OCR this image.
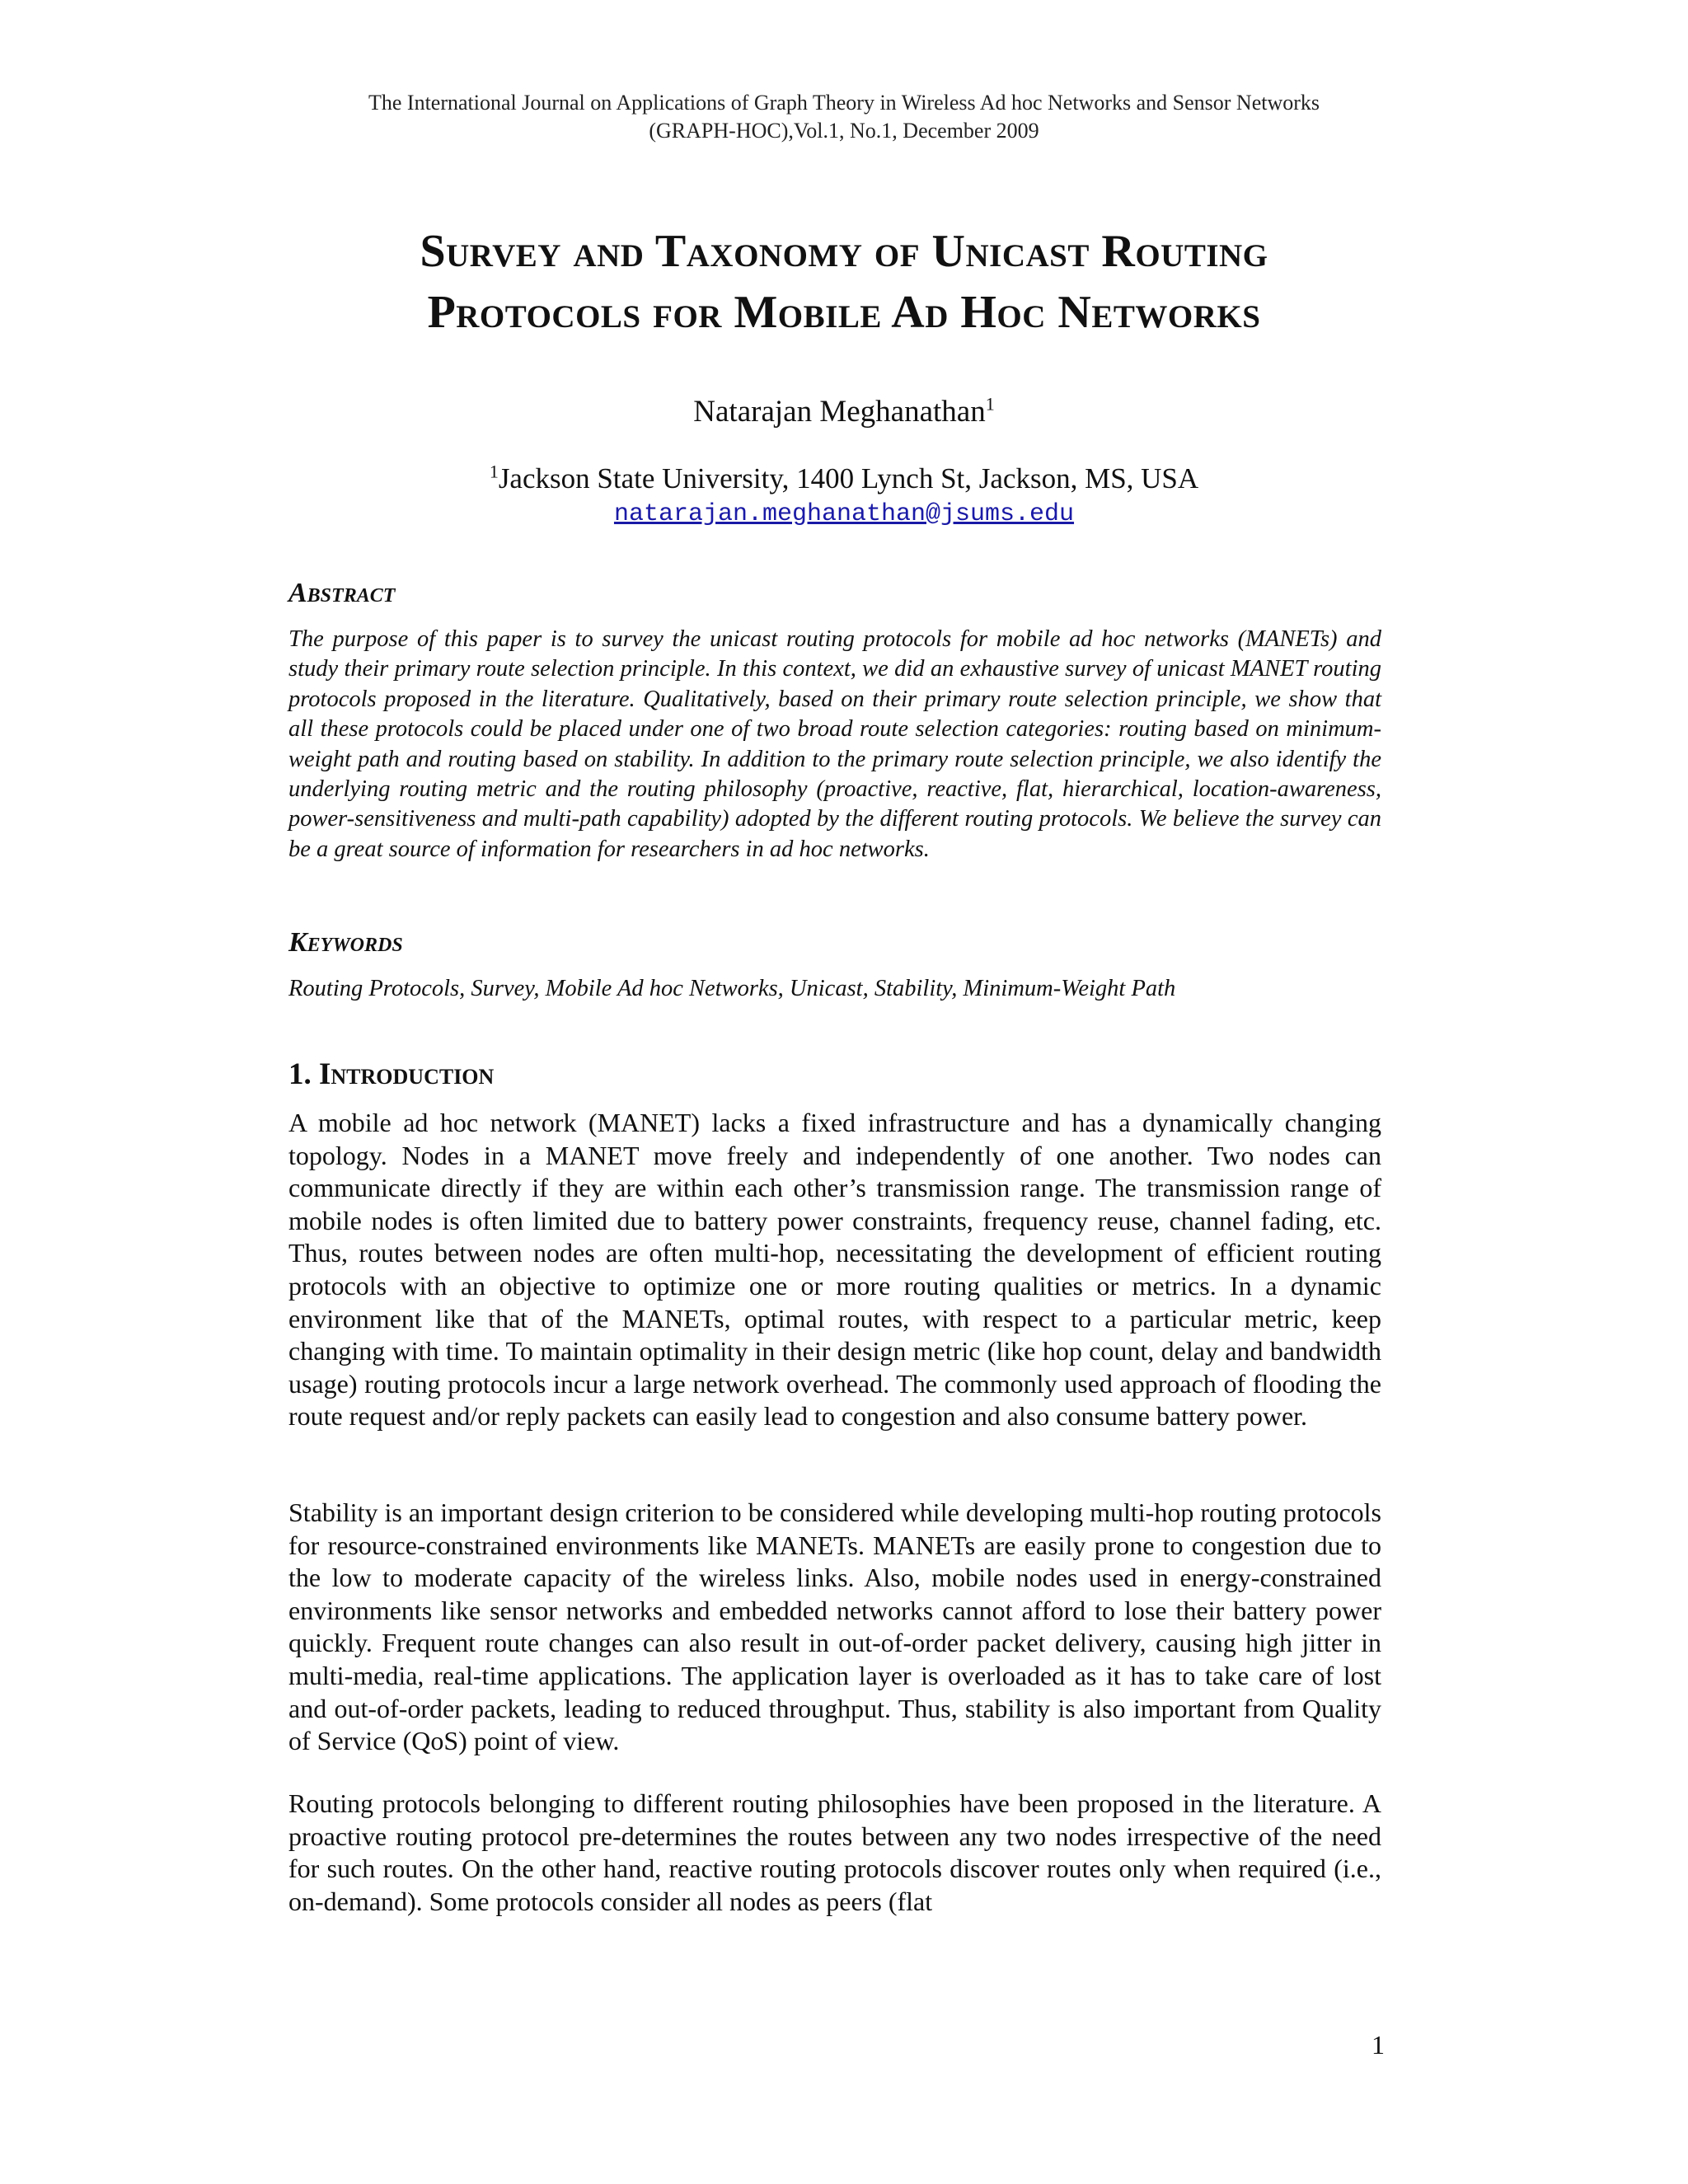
The International Journal on Applications of Graph Theory in Wireless Ad hoc Networks and Sensor Networks
(GRAPH-HOC),Vol.1, No.1, December 2009
Survey and Taxonomy of Unicast Routing
Protocols for Mobile Ad Hoc Networks
Natarajan Meghanathan$^1$
$^1$Jackson State University, 1400 Lynch St, Jackson, MS, USA
natarajan.meghanathan@jsums.edu
Abstract
The purpose of this paper is to survey the unicast routing protocols for mobile ad hoc networks (MANETs) and study their primary route selection principle. In this context, we did an exhaustive survey of unicast MANET routing protocols proposed in the literature. Qualitatively, based on their primary route selection principle, we show that all these protocols could be placed under one of two broad route selection categories: routing based on minimum-weight path and routing based on stability. In addition to the primary route selection principle, we also identify the underlying routing metric and the routing philosophy (proactive, reactive, flat, hierarchical, location-awareness, power-sensitiveness and multi-path capability) adopted by the different routing protocols. We believe the survey can be a great source of information for researchers in ad hoc networks.
Keywords
Routing Protocols, Survey, Mobile Ad hoc Networks, Unicast, Stability, Minimum-Weight Path
1. Introduction
A mobile ad hoc network (MANET) lacks a fixed infrastructure and has a dynamically changing topology. Nodes in a MANET move freely and independently of one another. Two nodes can communicate directly if they are within each other’s transmission range. The transmission range of mobile nodes is often limited due to battery power constraints, frequency reuse, channel fading, etc. Thus, routes between nodes are often multi-hop, necessitating the development of efficient routing protocols with an objective to optimize one or more routing qualities or metrics. In a dynamic environment like that of the MANETs, optimal routes, with respect to a particular metric, keep changing with time. To maintain optimality in their design metric (like hop count, delay and bandwidth usage) routing protocols incur a large network overhead. The commonly used approach of flooding the route request and/or reply packets can easily lead to congestion and also consume battery power.
Stability is an important design criterion to be considered while developing multi-hop routing protocols for resource-constrained environments like MANETs. MANETs are easily prone to congestion due to the low to moderate capacity of the wireless links. Also, mobile nodes used in energy-constrained environments like sensor networks and embedded networks cannot afford to lose their battery power quickly. Frequent route changes can also result in out-of-order packet delivery, causing high jitter in multi-media, real-time applications. The application layer is overloaded as it has to take care of lost and out-of-order packets, leading to reduced throughput. Thus, stability is also important from Quality of Service (QoS) point of view.
Routing protocols belonging to different routing philosophies have been proposed in the literature. A proactive routing protocol pre-determines the routes between any two nodes irrespective of the need for such routes. On the other hand, reactive routing protocols discover routes only when required (i.e., on-demand). Some protocols consider all nodes as peers (flat
1
